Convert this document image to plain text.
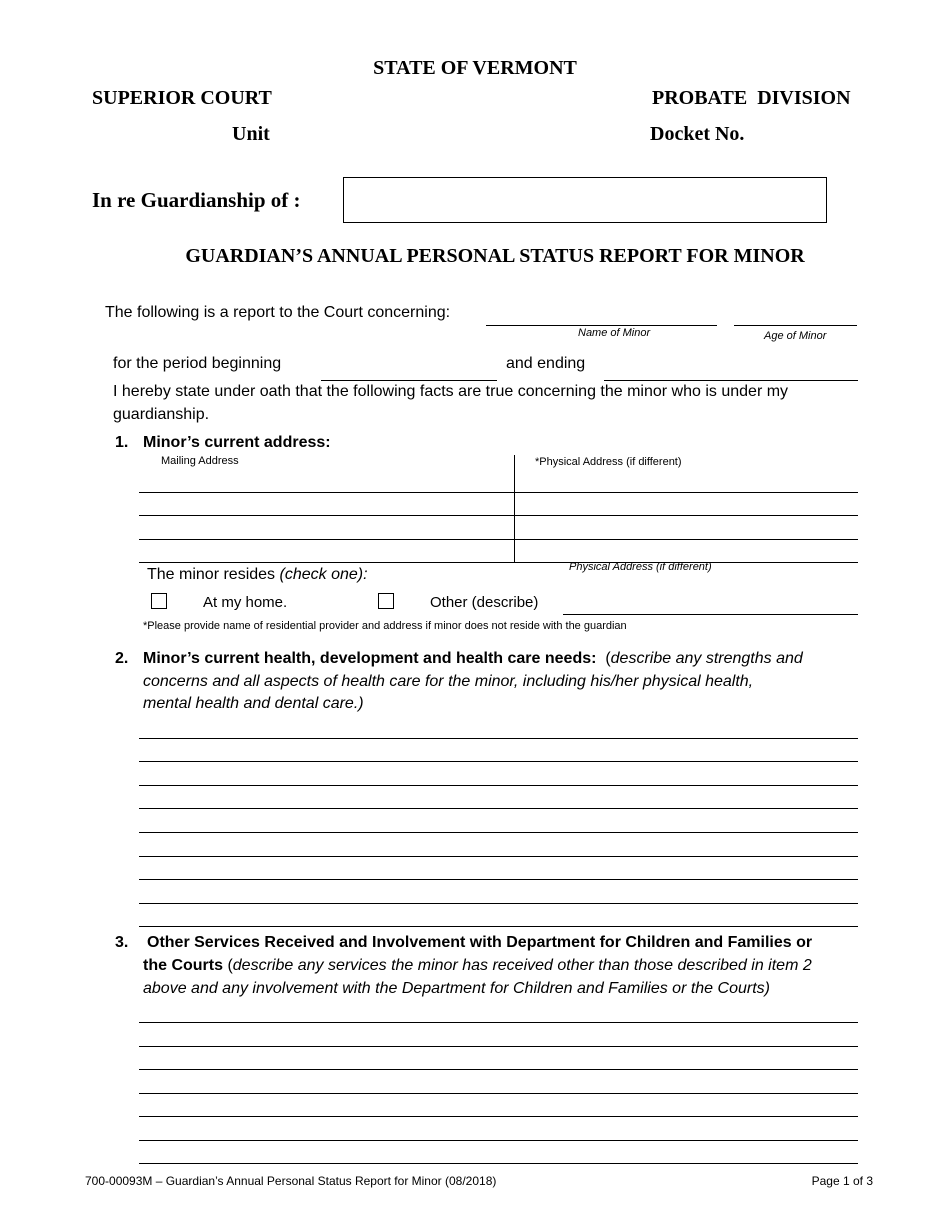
STATE OF VERMONT
SUPERIOR COURT	PROBATE  DIVISION
Unit	Docket No.
In re Guardianship of :
GUARDIAN’S ANNUAL PERSONAL STATUS REPORT FOR MINOR
The following is a report to the Court concerning:
Name of Minor	Age of Minor
for the period beginning	and ending
I hereby state under oath that the following facts are true concerning the minor who is under my
guardianship.
1. Minor’s current address:
Mailing Address	*Physical Address (if different)
Physical Address (if different)
The minor resides (check one):
At my home.	Other (describe)
*Please provide name of residential provider and address if minor does not reside with the guardian
2. Minor’s current health, development and health care needs: (describe any strengths and
concerns and all aspects of health care for the minor, including his/her physical health,
mental health and dental care.)
3. Other Services Received and Involvement with Department for Children and Families or
the Courts (describe any services the minor has received other than those described in item 2
above and any involvement with the Department for Children and Families or the Courts)
700-00093M – Guardian’s Annual Personal Status Report for Minor (08/2018)	Page 1 of 3
